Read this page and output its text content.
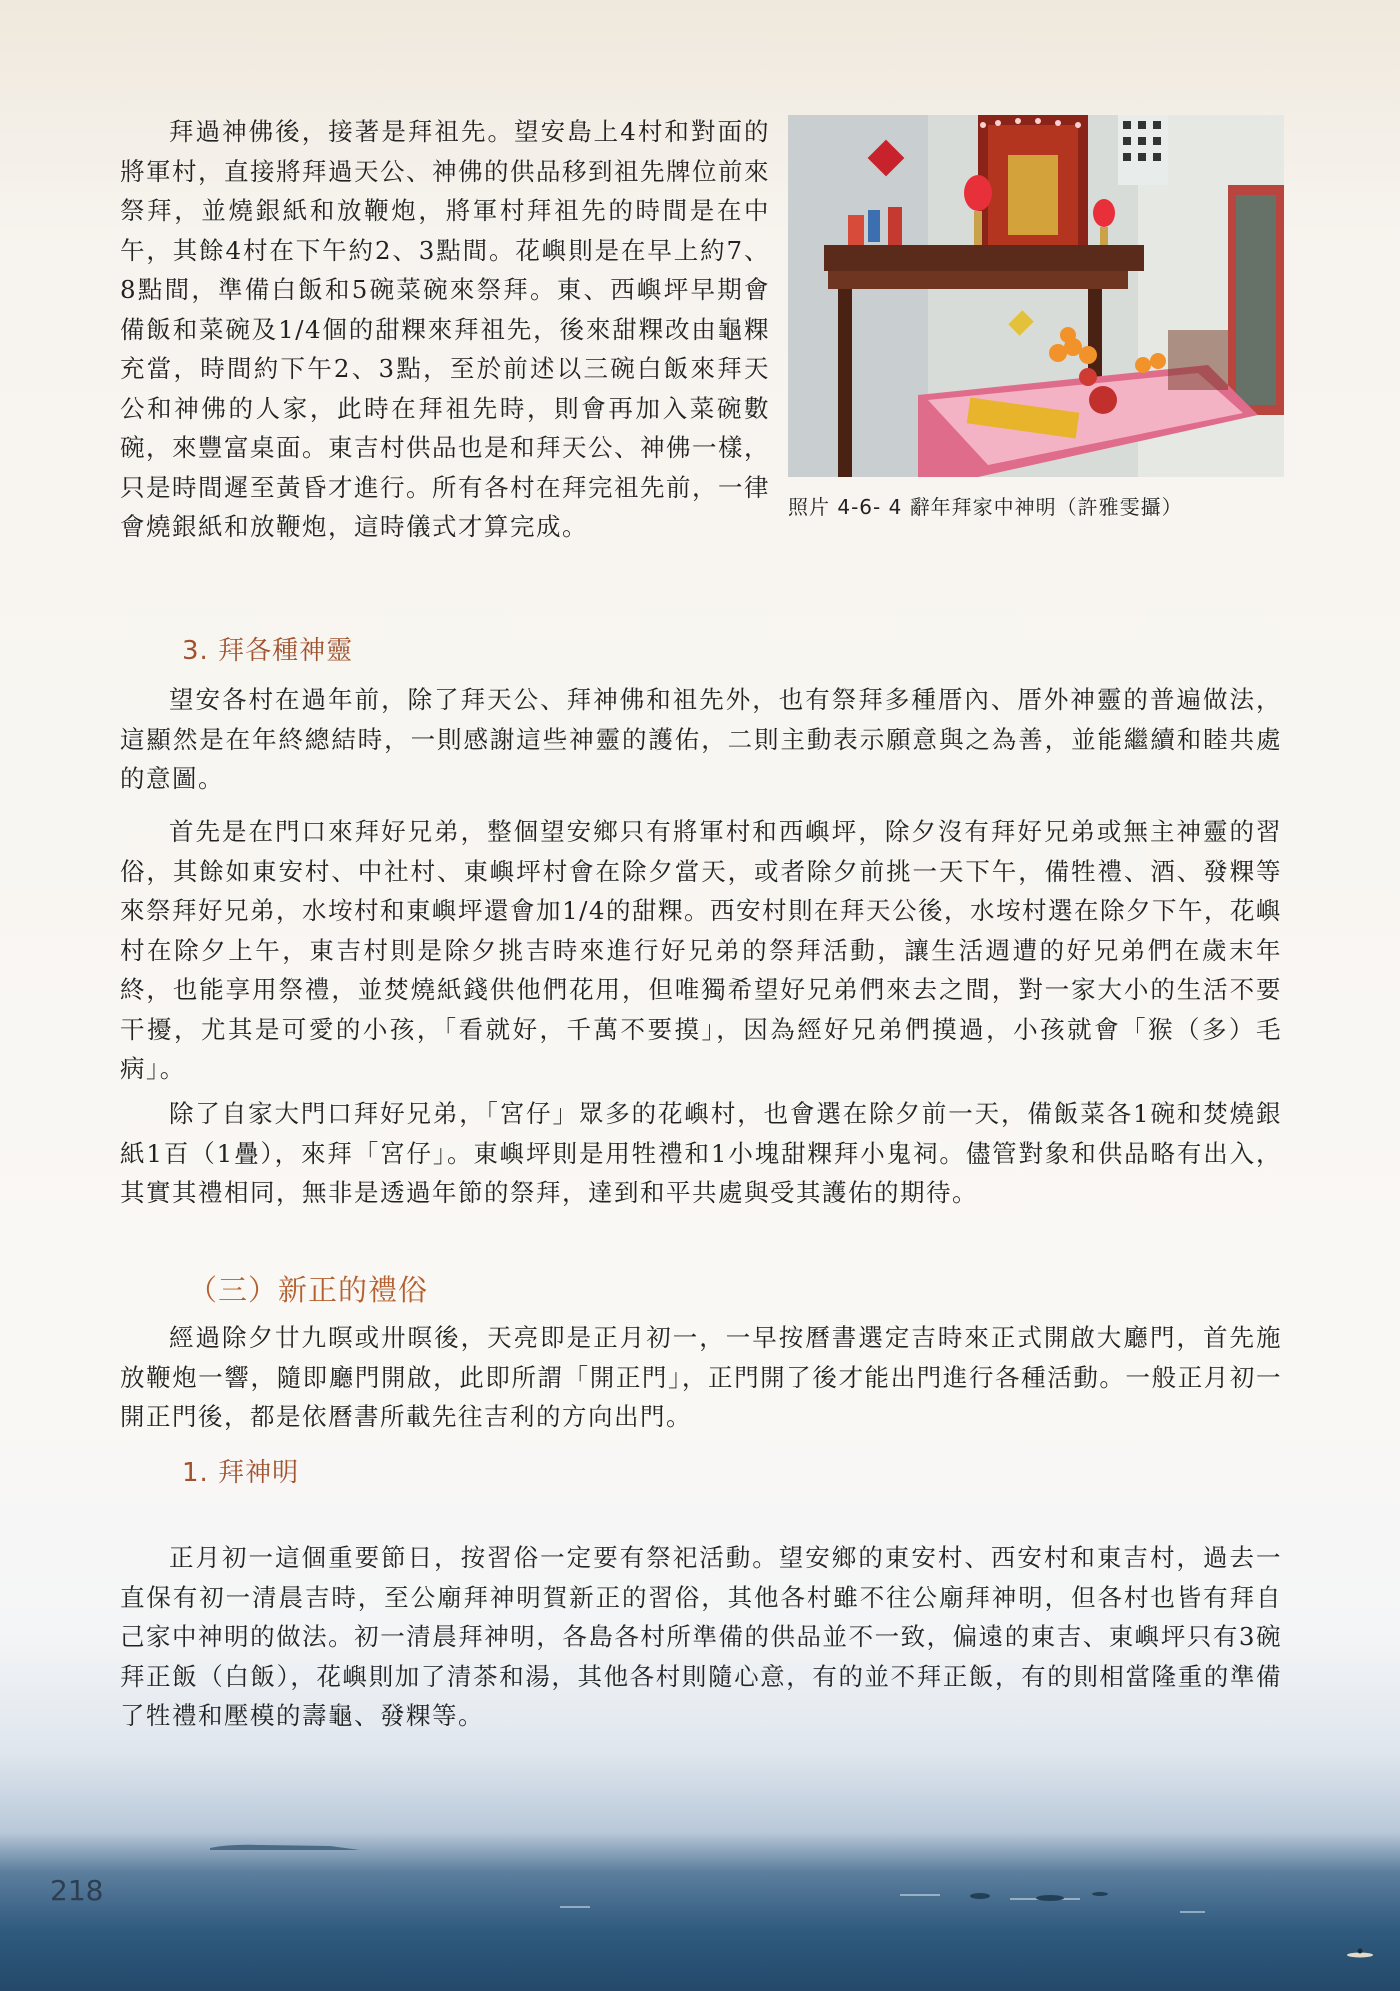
拜過神佛後，接著是拜祖先。望安島上4村和對面的將軍村，直接將拜過天公、神佛的供品移到祖先牌位前來祭拜，並燒銀紙和放鞭炮，將軍村拜祖先的時間是在中午，其餘4村在下午約2、3點間。花嶼則是在早上約7、8點間，準備白飯和5碗菜碗來祭拜。東、西嶼坪早期會備飯和菜碗及1/4個的甜粿來拜祖先，後來甜粿改由龜粿充當，時間約下午2、3點，至於前述以三碗白飯來拜天公和神佛的人家，此時在拜祖先時，則會再加入菜碗數碗，來豐富桌面。東吉村供品也是和拜天公、神佛一樣，只是時間遲至黃昏才進行。所有各村在拜完祖先前，一律會燒銀紙和放鞭炮，這時儀式才算完成。

照片 4-6- 4 辭年拜家中神明（許雅雯攝）
3. 拜各種神靈

望安各村在過年前，除了拜天公、拜神佛和祖先外，也有祭拜多種厝內、厝外神靈的普遍做法，這顯然是在年終總結時，一則感謝這些神靈的護佑，二則主動表示願意與之為善，並能繼續和睦共處的意圖。

首先是在門口來拜好兄弟，整個望安鄉只有將軍村和西嶼坪，除夕沒有拜好兄弟或無主神靈的習俗，其餘如東安村、中社村、東嶼坪村會在除夕當天，或者除夕前挑一天下午，備牲禮、酒、發粿等來祭拜好兄弟，水垵村和東嶼坪還會加1/4的甜粿。西安村則在拜天公後，水垵村選在除夕下午，花嶼村在除夕上午，東吉村則是除夕挑吉時來進行好兄弟的祭拜活動，讓生活週遭的好兄弟們在歲末年終，也能享用祭禮，並焚燒紙錢供他們花用，但唯獨希望好兄弟們來去之間，對一家大小的生活不要干擾，尤其是可愛的小孩，「看就好，千萬不要摸」，因為經好兄弟們摸過，小孩就會「猴（多）毛病」。

除了自家大門口拜好兄弟，「宮仔」眾多的花嶼村，也會選在除夕前一天，備飯菜各1碗和焚燒銀紙1百（1疊），來拜「宮仔」。東嶼坪則是用牲禮和1小塊甜粿拜小鬼祠。儘管對象和供品略有出入，其實其禮相同，無非是透過年節的祭拜，達到和平共處與受其護佑的期待。

（三）新正的禮俗

經過除夕廿九暝或卅暝後，天亮即是正月初一，一早按曆書選定吉時來正式開啟大廳門，首先施放鞭炮一響，隨即廳門開啟，此即所謂「開正門」，正門開了後才能出門進行各種活動。一般正月初一開正門後，都是依曆書所載先往吉利的方向出門。

1. 拜神明

正月初一這個重要節日，按習俗一定要有祭祀活動。望安鄉的東安村、西安村和東吉村，過去一直保有初一清晨吉時，至公廟拜神明賀新正的習俗，其他各村雖不往公廟拜神明，但各村也皆有拜自己家中神明的做法。初一清晨拜神明，各島各村所準備的供品並不一致，偏遠的東吉、東嶼坪只有3碗拜正飯（白飯），花嶼則加了清茶和湯，其他各村則隨心意，有的並不拜正飯，有的則相當隆重的準備了牲禮和壓模的壽龜、發粿等。

218
